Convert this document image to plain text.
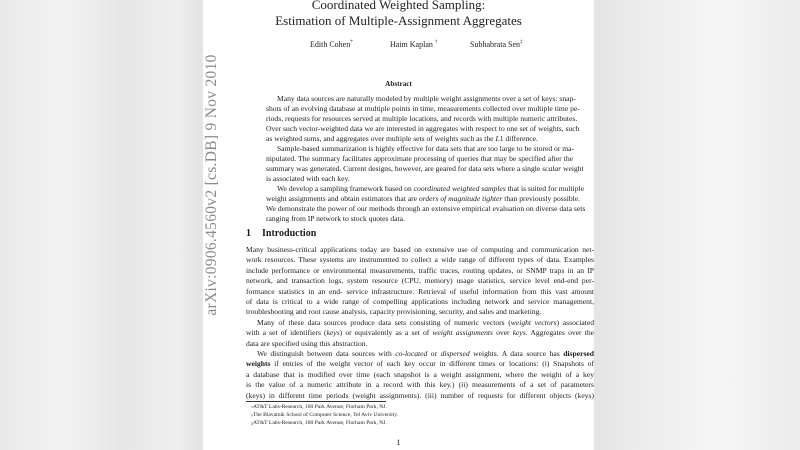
arXiv:0906.4560v2 [cs.DB] 9 Nov 2010
Coordinated Weighted Sampling:
Estimation of Multiple-Assignment Aggregates
Edith Cohen*	Haim Kaplan †	Subhabrata Sen‡
Abstract
Many data sources are naturally modeled by multiple weight assignments over a set of keys: snap-
shots of an evolving database at multiple points in time, measurements collected over multiple time pe-
riods, requests for resources served at multiple locations, and records with multiple numeric attributes.
Over such vector-weighted data we are interested in aggregates with respect to one set of weights, such
as weighted sums, and aggregates over multiple sets of weights such as the L1 difference.
Sample-based summarization is highly effective for data sets that are too large to be stored or ma-
nipulated. The summary facilitates approximate processing of queries that may be specified after the
summary was generated. Current designs, however, are geared for data sets where a single scalar weight
is associated with each key.
We develop a sampling framework based on coordinated weighted samples that is suited for multiple
weight assignments and obtain estimators that are orders of magnitude tighter than previously possible.
We demonstrate the power of our methods through an extensive empirical evaluation on diverse data sets
ranging from IP network to stock quotes data.
1 Introduction
Many business-critical applications today are based on extensive use of computing and communication net-
work resources. These systems are instrumented to collect a wide range of different types of data. Examples
include performance or environmental measurements, traffic traces, routing updates, or SNMP traps in an IP
network, and transaction logs, system resource (CPU, memory) usage statistics, service level end-end per-
formance statistics in an end- service infrastructure. Retrieval of useful information from this vast amount
of data is critical to a wide range of compelling applications including network and service management,
troubleshooting and root cause analysis, capacity provisioning, security, and sales and marketing.
Many of these data sources produce data sets consisting of numeric vectors (weight vectors) associated
with a set of identifiers (keys) or equivalently as a set of weight assignments over keys. Aggregates over the
data are specified using this abstraction.
We distinguish between data sources with co-located or dispersed weights. A data source has dispersed
weights if entries of the weight vector of each key occur in different times or locations: (i) Snapshots of
a database that is modified over time (each snapshot is a weight assignment, where the weight of a key
is the value of a numeric attribute in a record with this key.) (ii) measurements of a set of parameters
(keys) in different time periods (weight assignments). (iii) number of requests for different objects (keys)
*AT&T Labs-Research, 180 Park Avenue, Florham Park, NJ.
†The Blavatnik School of Computer Science, Tel Aviv University.
‡AT&T Labs-Research, 180 Park Avenue, Florham Park, NJ.
1
